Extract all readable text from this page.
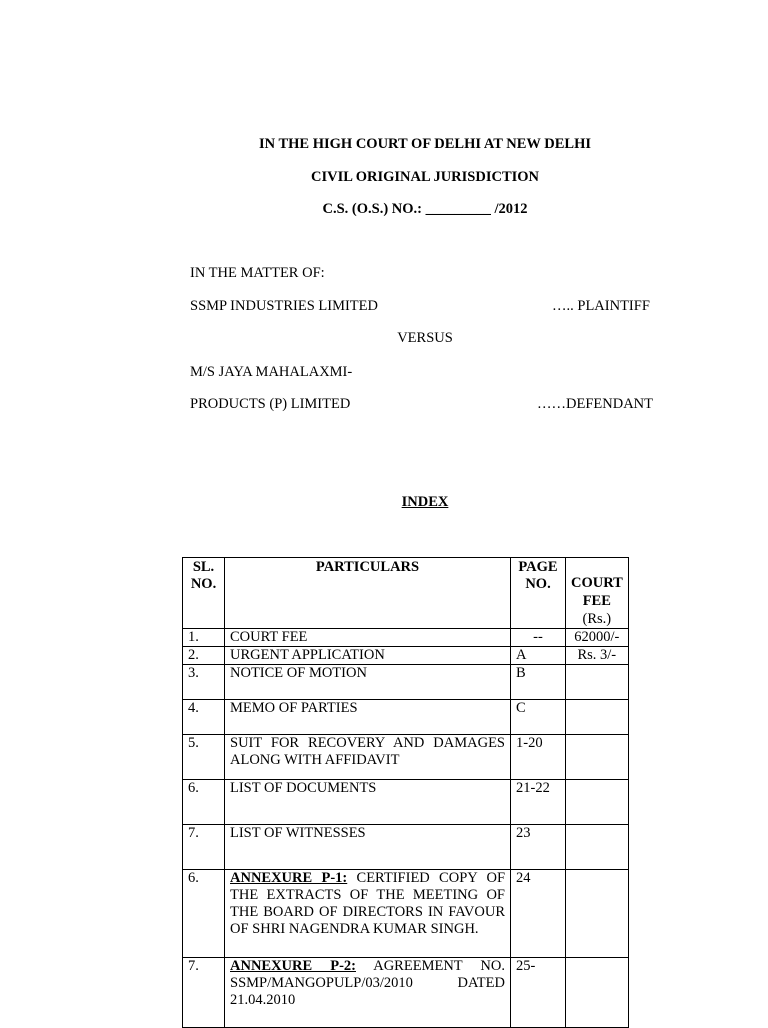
IN THE HIGH COURT OF DELHI AT NEW DELHI
CIVIL ORIGINAL JURISDICTION
C.S. (O.S.) NO.: _________ /2012
IN THE MATTER OF:
SSMP INDUSTRIES LIMITED	….. PLAINTIFF
VERSUS
M/S JAYA MAHALAXMI-
PRODUCTS (P) LIMITED	……DEFENDANT
INDEX
SL. NO.	PARTICULARS	PAGE NO.	COURT FEE
(Rs.)

1.	COURT FEE	--	62000/-
2.	URGENT APPLICATION	A	Rs. 3/-
3.	NOTICE OF MOTION	B	
4.	MEMO OF PARTIES	C	
5.	SUIT FOR RECOVERY AND DAMAGES ALONG WITH AFFIDAVIT	1-20	
6.	LIST OF DOCUMENTS	21-22	
7.	LIST OF WITNESSES	23	
6.	ANNEXURE P-1: CERTIFIED COPY OF THE EXTRACTS OF THE MEETING OF THE BOARD OF DIRECTORS IN FAVOUR OF SHRI NAGENDRA KUMAR SINGH.	24	
7.	ANNEXURE P-2: AGREEMENT NO. SSMP/MANGOPULP/03/2010 DATED 21.04.2010	25-	
